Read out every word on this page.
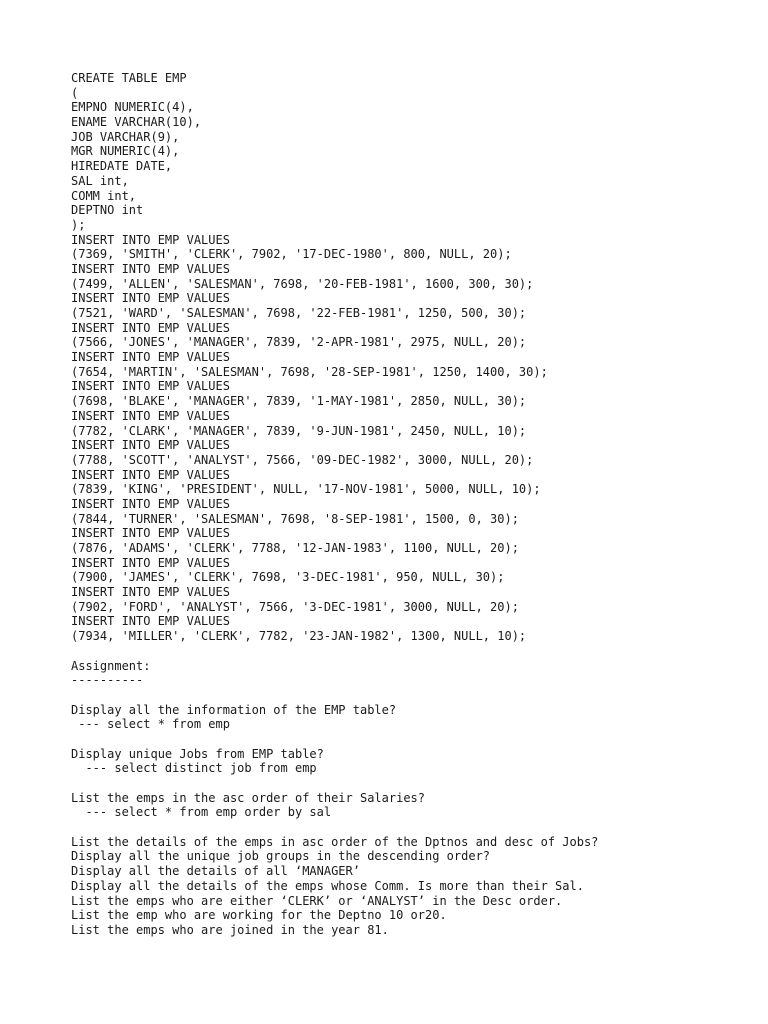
CREATE TABLE EMP
(
EMPNO NUMERIC(4),
ENAME VARCHAR(10),
JOB VARCHAR(9),
MGR NUMERIC(4),
HIREDATE DATE,
SAL int,
COMM int,
DEPTNO int
);
INSERT INTO EMP VALUES
(7369, 'SMITH', 'CLERK', 7902, '17-DEC-1980', 800, NULL, 20);
INSERT INTO EMP VALUES
(7499, 'ALLEN', 'SALESMAN', 7698, '20-FEB-1981', 1600, 300, 30);
INSERT INTO EMP VALUES
(7521, 'WARD', 'SALESMAN', 7698, '22-FEB-1981', 1250, 500, 30);
INSERT INTO EMP VALUES
(7566, 'JONES', 'MANAGER', 7839, '2-APR-1981', 2975, NULL, 20);
INSERT INTO EMP VALUES
(7654, 'MARTIN', 'SALESMAN', 7698, '28-SEP-1981', 1250, 1400, 30);
INSERT INTO EMP VALUES
(7698, 'BLAKE', 'MANAGER', 7839, '1-MAY-1981', 2850, NULL, 30);
INSERT INTO EMP VALUES
(7782, 'CLARK', 'MANAGER', 7839, '9-JUN-1981', 2450, NULL, 10);
INSERT INTO EMP VALUES
(7788, 'SCOTT', 'ANALYST', 7566, '09-DEC-1982', 3000, NULL, 20);
INSERT INTO EMP VALUES
(7839, 'KING', 'PRESIDENT', NULL, '17-NOV-1981', 5000, NULL, 10);
INSERT INTO EMP VALUES
(7844, 'TURNER', 'SALESMAN', 7698, '8-SEP-1981', 1500, 0, 30);
INSERT INTO EMP VALUES
(7876, 'ADAMS', 'CLERK', 7788, '12-JAN-1983', 1100, NULL, 20);
INSERT INTO EMP VALUES
(7900, 'JAMES', 'CLERK', 7698, '3-DEC-1981', 950, NULL, 30);
INSERT INTO EMP VALUES
(7902, 'FORD', 'ANALYST', 7566, '3-DEC-1981', 3000, NULL, 20);
INSERT INTO EMP VALUES
(7934, 'MILLER', 'CLERK', 7782, '23-JAN-1982', 1300, NULL, 10);
Assignment:
----------
Display all the information of the EMP table?
--- select * from emp
Display unique Jobs from EMP table?
--- select distinct job from emp
List the emps in the asc order of their Salaries?
--- select * from emp order by sal
List the details of the emps in asc order of the Dptnos and desc of Jobs?
Display all the unique job groups in the descending order?
Display all the details of all ‘MANAGER’
Display all the details of the emps whose Comm. Is more than their Sal.
List the emps who are either ‘CLERK’ or ‘ANALYST’ in the Desc order.
List the emp who are working for the Deptno 10 or20.
List the emps who are joined in the year 81.
